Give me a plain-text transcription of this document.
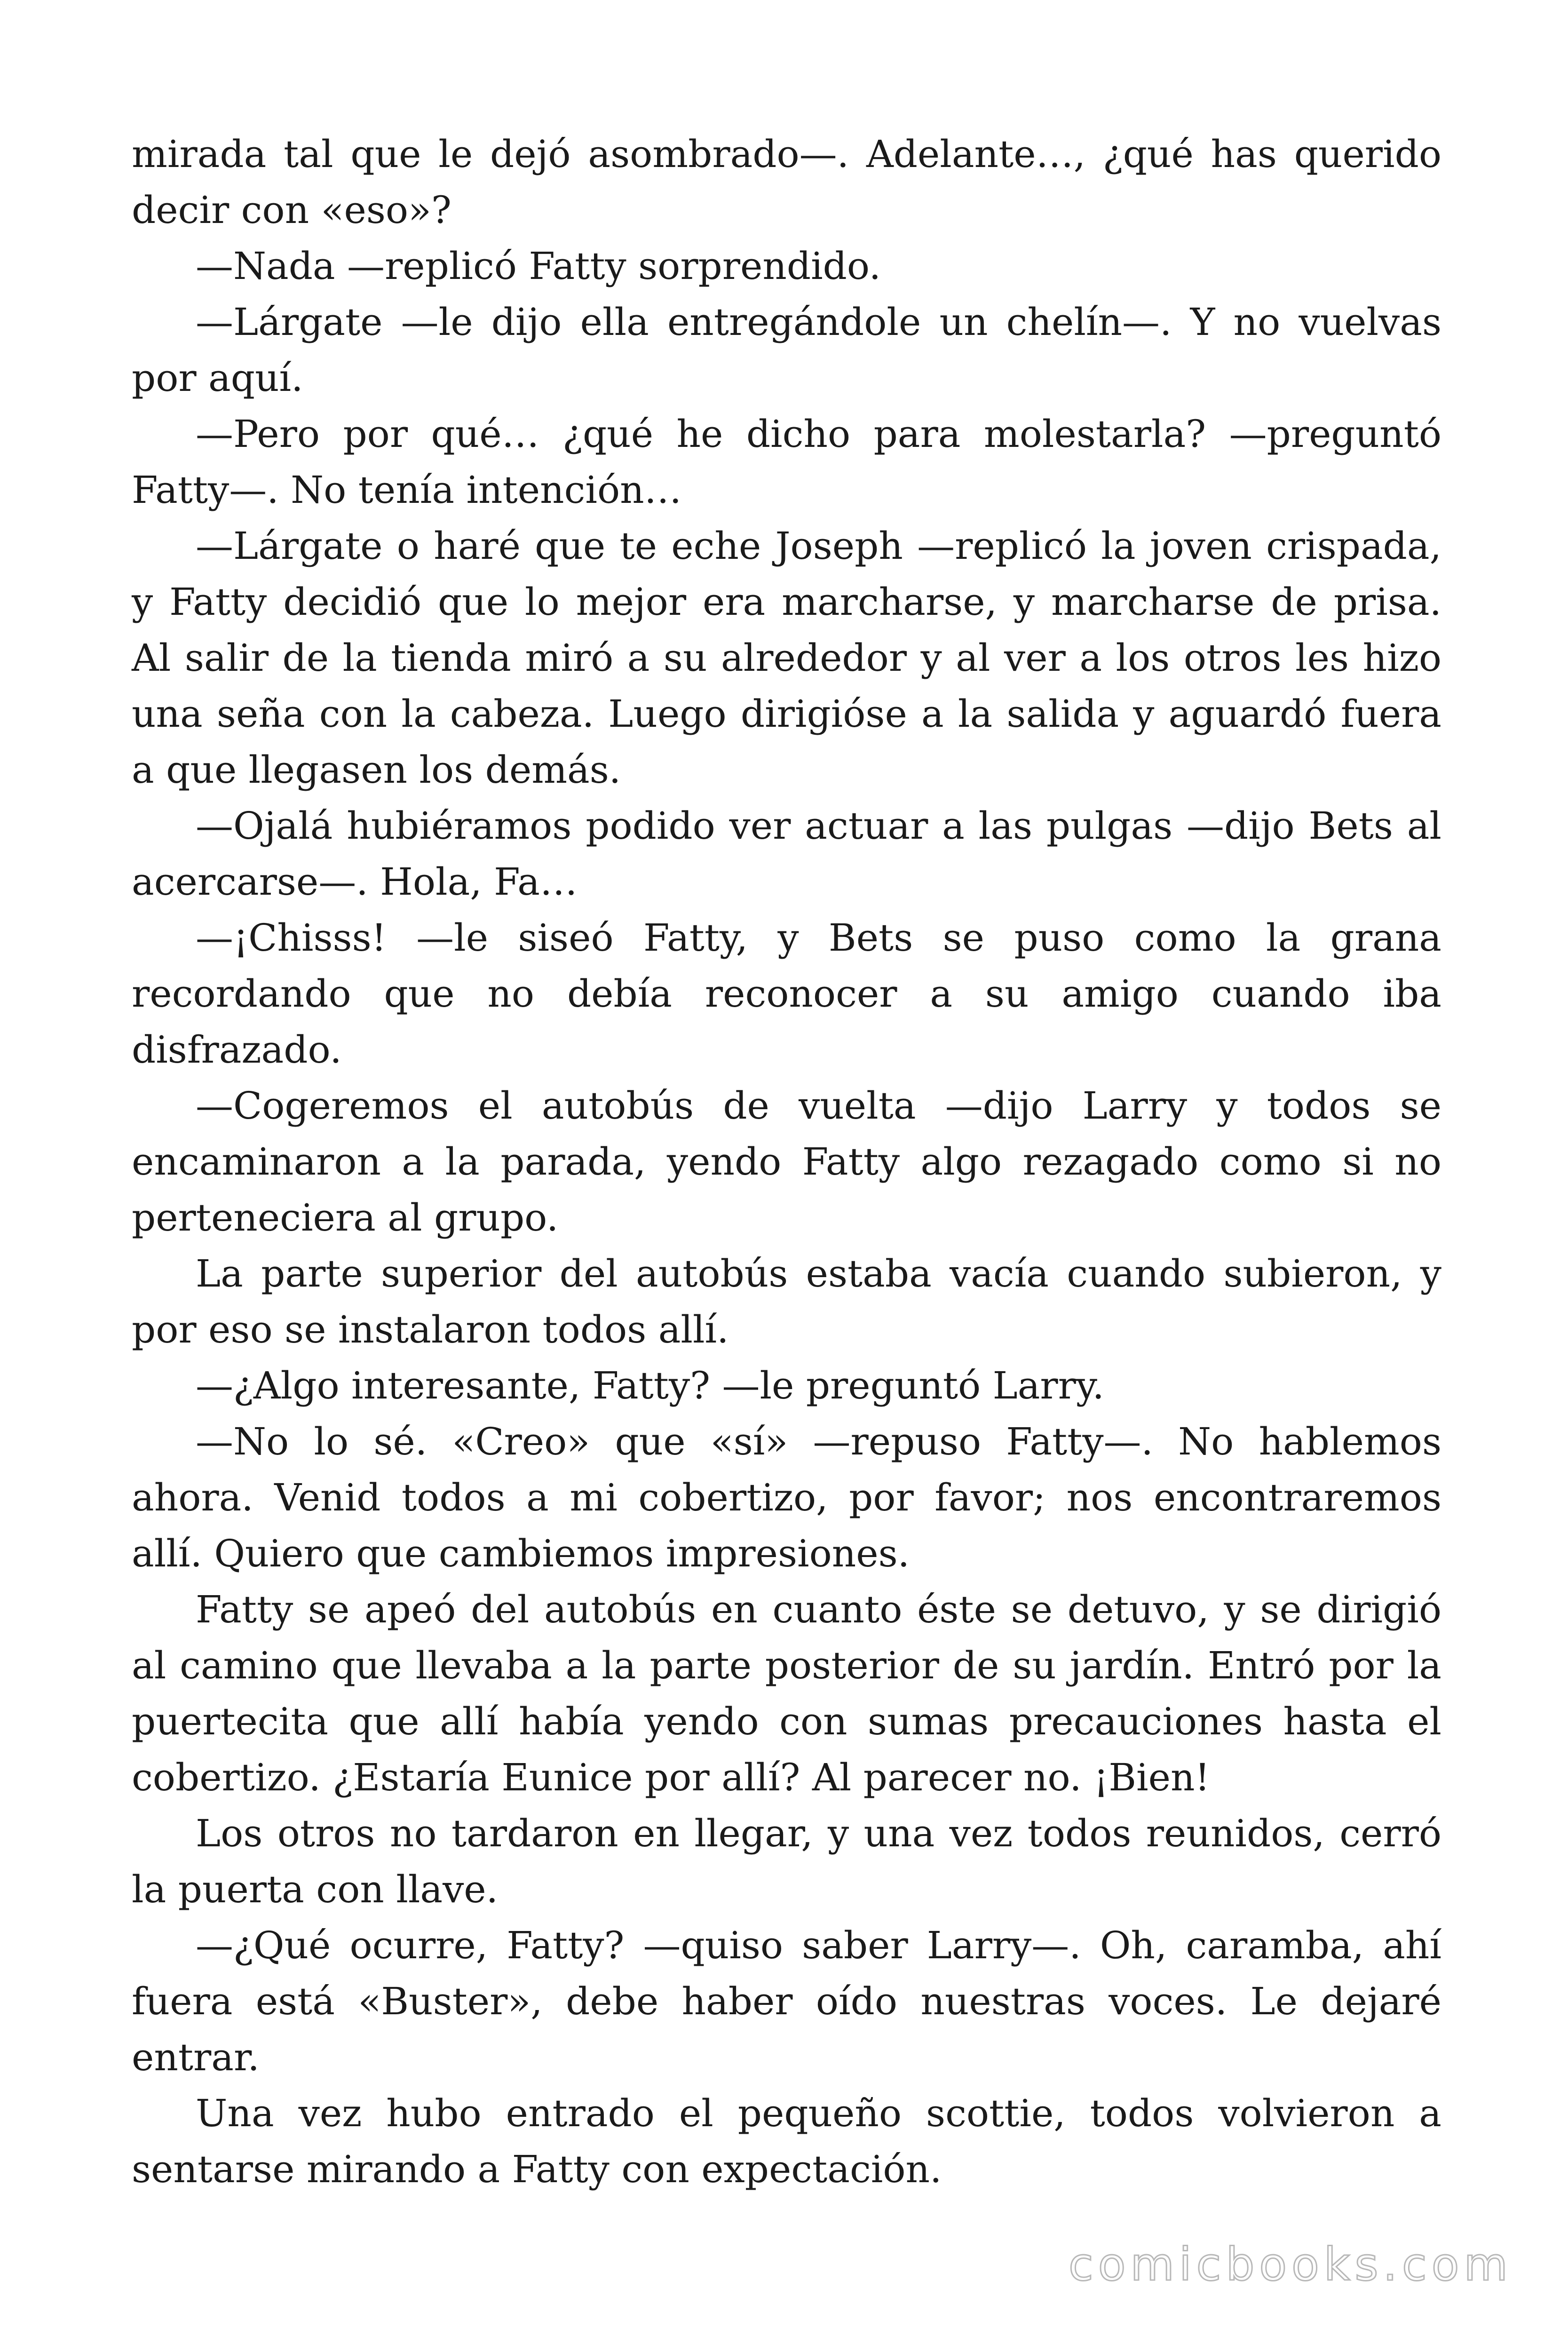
mirada tal que le dejó asombrado—. Adelante…, ¿qué has querido decir con «eso»?

—Nada —replicó Fatty sorprendido.

—Lárgate —le dijo ella entregándole un chelín—. Y no vuelvas por aquí.

—Pero por qué… ¿qué he dicho para molestarla? —preguntó Fatty—. No tenía intención…

—Lárgate o haré que te eche Joseph —replicó la joven crispada, y Fatty decidió que lo mejor era marcharse, y marcharse de prisa. Al salir de la tienda miró a su alrededor y al ver a los otros les hizo una seña con la cabeza. Luego dirigióse a la salida y aguardó fuera a que llegasen los demás.

—Ojalá hubiéramos podido ver actuar a las pulgas —dijo Bets al acercarse—. Hola, Fa…

—¡Chisss! —le siseó Fatty, y Bets se puso como la grana recordando que no debía reconocer a su amigo cuando iba disfrazado.

—Cogeremos el autobús de vuelta —dijo Larry y todos se encaminaron a la parada, yendo Fatty algo rezagado como si no perteneciera al grupo.

La parte superior del autobús estaba vacía cuando subieron, y por eso se instalaron todos allí.

—¿Algo interesante, Fatty? —le preguntó Larry.

—No lo sé. «Creo» que «sí» —repuso Fatty—. No hablemos ahora. Venid todos a mi cobertizo, por favor; nos encontraremos allí. Quiero que cambiemos impresiones.

Fatty se apeó del autobús en cuanto éste se detuvo, y se dirigió al camino que llevaba a la parte posterior de su jardín. Entró por la puertecita que allí había yendo con sumas precauciones hasta el cobertizo. ¿Estaría Eunice por allí? Al parecer no. ¡Bien!

Los otros no tardaron en llegar, y una vez todos reunidos, cerró la puerta con llave.

—¿Qué ocurre, Fatty? —quiso saber Larry—. Oh, caramba, ahí fuera está «Buster», debe haber oído nuestras voces. Le dejaré entrar.

Una vez hubo entrado el pequeño scottie, todos volvieron a sentarse mirando a Fatty con expectación.

comicbooks.com
